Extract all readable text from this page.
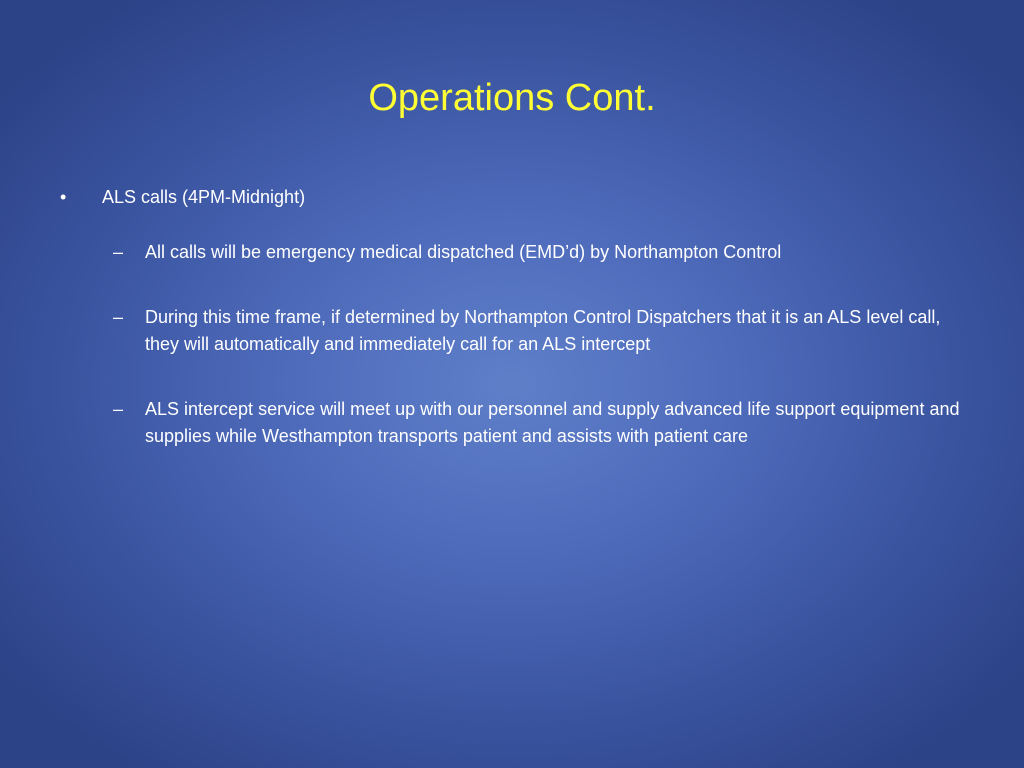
Operations Cont.
•	ALS calls (4PM-Midnight)
–	All calls will be emergency medical dispatched (EMD’d) by Northampton Control
–	During this time frame, if determined by Northampton Control Dispatchers that it is an ALS level call, they will automatically and immediately call for an ALS intercept
–	ALS intercept service will meet up with our personnel and supply advanced life support equipment and supplies while Westhampton transports patient and assists with patient care
